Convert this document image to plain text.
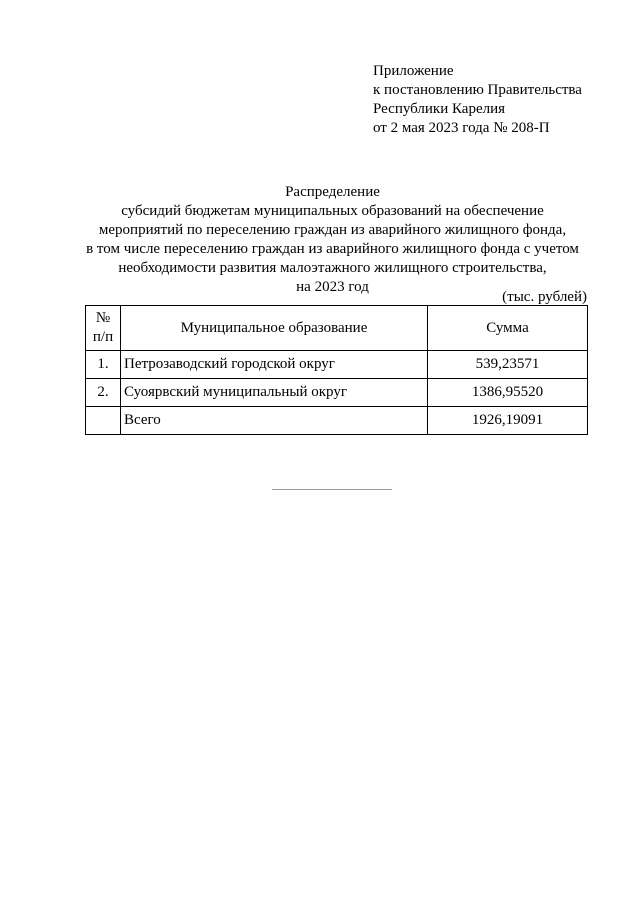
Приложение
к постановлению Правительства
Республики Карелия
от 2 мая 2023 года № 208-П
Распределение
субсидий бюджетам муниципальных образований на обеспечение
мероприятий по переселению граждан из аварийного жилищного фонда,
в том числе переселению граждан из аварийного жилищного фонда с учетом
необходимости развития малоэтажного жилищного строительства,
на 2023 год
(тыс. рублей)
№
п/п	Муниципальное образование	Сумма
1.	Петрозаводский городской округ	539,23571
2.	Суоярвский муниципальный округ	1386,95520
	Всего	1926,19091
